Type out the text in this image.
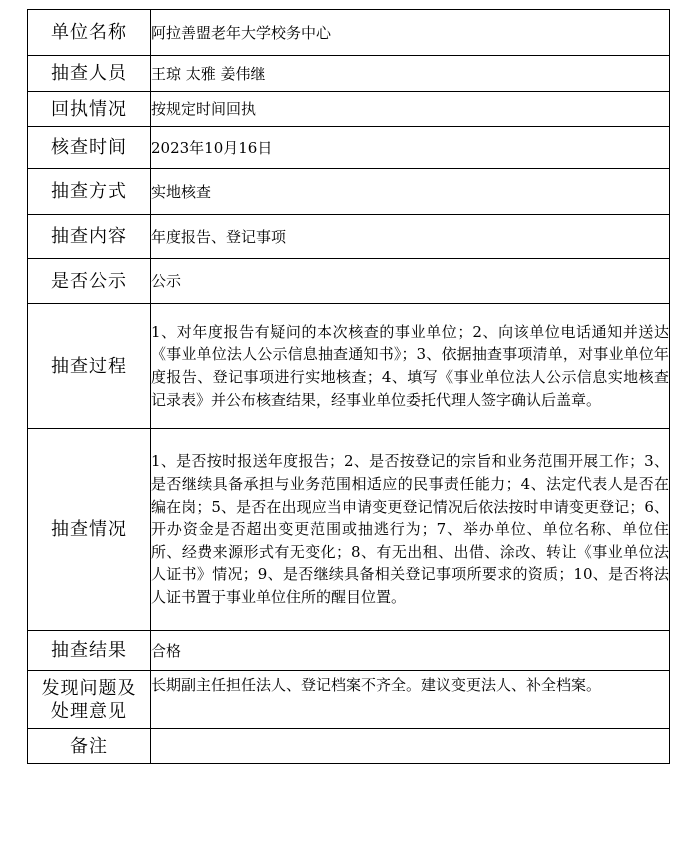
单位名称	阿拉善盟老年大学校务中心
抽查人员	王琼 太雅 姜伟继
回执情况	按规定时间回执
核查时间	2023年10月16日
抽查方式	实地核查
抽查内容	年度报告、登记事项
是否公示	公示
抽查过程	1、对年度报告有疑问的本次核查的事业单位；2、向该单位电话通知并送达《事业单位法人公示信息抽查通知书》；3、依据抽查事项清单，对事业单位年度报告、登记事项进行实地核查；4、填写《事业单位法人公示信息实地核查记录表》并公布核查结果，经事业单位委托代理人签字确认后盖章。
抽查情况	1、是否按时报送年度报告；2、是否按登记的宗旨和业务范围开展工作；3、是否继续具备承担与业务范围相适应的民事责任能力；4、法定代表人是否在编在岗；5、是否在出现应当申请变更登记情况后依法按时申请变更登记；6、开办资金是否超出变更范围或抽逃行为；7、举办单位、单位名称、单位住所、经费来源形式有无变化；8、有无出租、出借、涂改、转让《事业单位法人证书》情况；9、是否继续具备相关登记事项所要求的资质；10、是否将法人证书置于事业单位住所的醒目位置。
抽查结果	合格

发现问题及
处理意见	长期副主任担任法人、登记档案不齐全。建议变更法人、补全档案。
备注	
